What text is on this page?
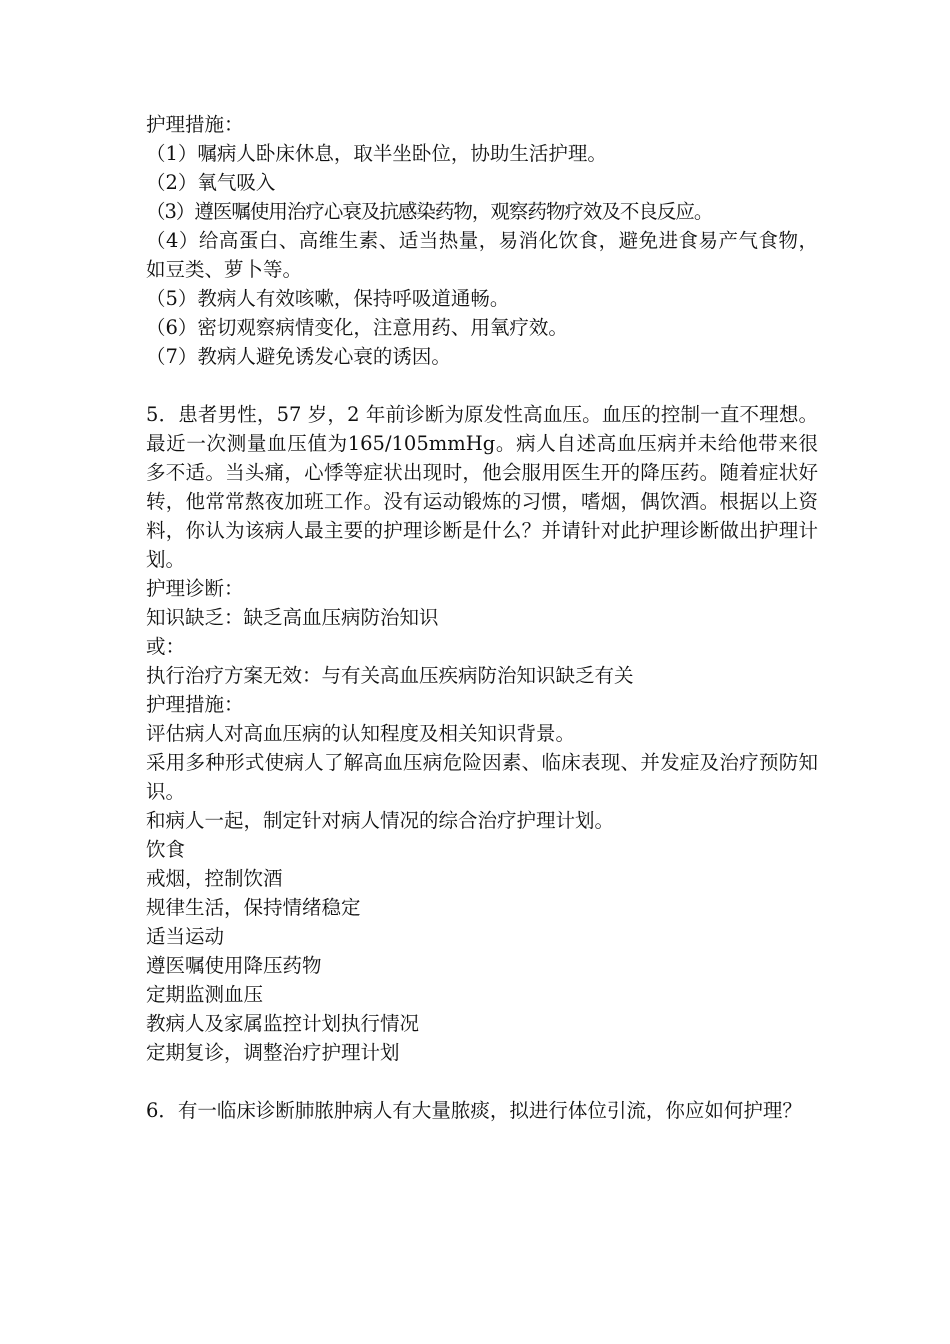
护理措施：

（1）嘱病人卧床休息，取半坐卧位，协助生活护理。

（2）氧气吸入

（3）遵医嘱使用治疗心衰及抗感染药物，观察药物疗效及不良反应。

（4）给高蛋白、高维生素、适当热量，易消化饮食，避免进食易产气食物，如豆类、萝卜等。

（5）教病人有效咳嗽，保持呼吸道通畅。

（6）密切观察病情变化，注意用药、用氧疗效。

（7）教病人避免诱发心衰的诱因。

5．患者男性，57 岁，2 年前诊断为原发性高血压。血压的控制一直不理想。最近一次测量血压值为165/105mmHg。病人自述高血压病并未给他带来很多不适。当头痛，心悸等症状出现时，他会服用医生开的降压药。随着症状好转，他常常熬夜加班工作。没有运动锻炼的习惯，嗜烟，偶饮酒。根据以上资料，你认为该病人最主要的护理诊断是什么？并请针对此护理诊断做出护理计划。

护理诊断：

知识缺乏：缺乏高血压病防治知识

或：

执行治疗方案无效：与有关高血压疾病防治知识缺乏有关

护理措施：

评估病人对高血压病的认知程度及相关知识背景。

采用多种形式使病人了解高血压病危险因素、临床表现、并发症及治疗预防知识。

和病人一起，制定针对病人情况的综合治疗护理计划。

饮食

戒烟，控制饮酒

规律生活，保持情绪稳定

适当运动

遵医嘱使用降压药物

定期监测血压

教病人及家属监控计划执行情况

定期复诊，调整治疗护理计划

6．有一临床诊断肺脓肿病人有大量脓痰，拟进行体位引流，你应如何护理？
